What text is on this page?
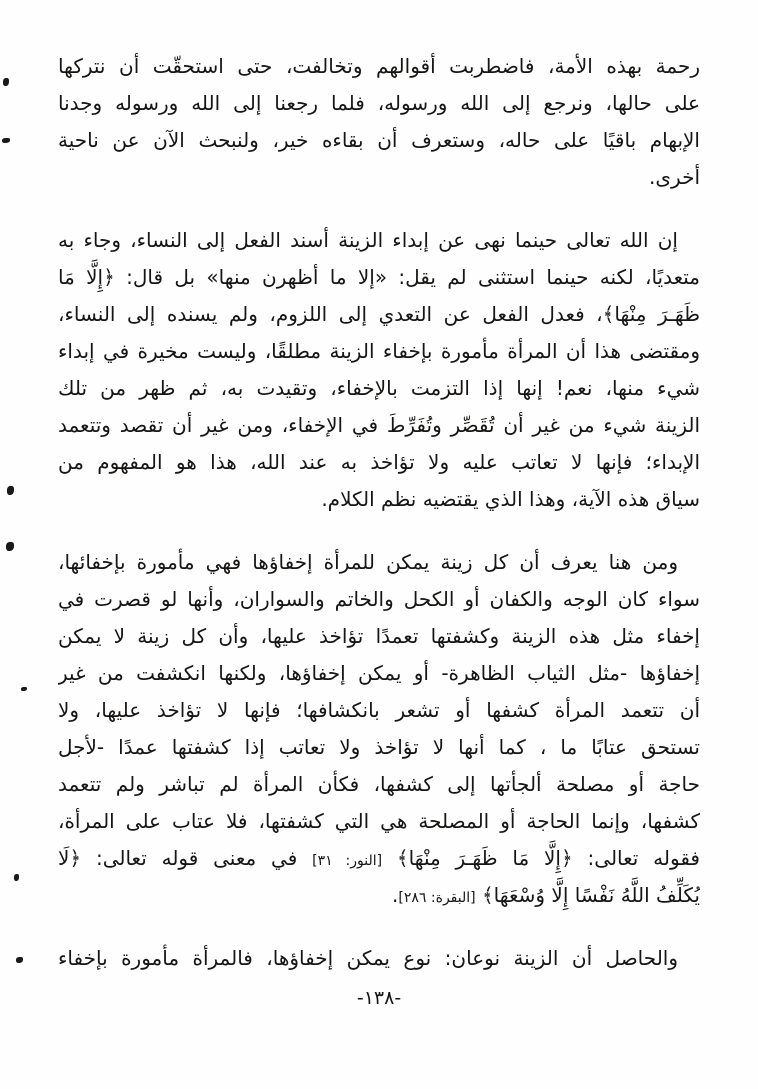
رحمة بهذه الأمة، فاضطربت أقوالهم وتخالفت، حتى استحقّت أن نتركها
على حالها، ونرجع إلى الله ورسوله، فلما رجعنا إلى الله ورسوله وجدنا
الإبهام باقيًا على حاله، وستعرف أن بقاءه خير، ولنبحث الآن عن ناحية
أخرى.
إن الله تعالى حينما نهى عن إبداء الزينة أسند الفعل إلى النساء، وجاء به
متعديًا، لكنه حينما استثنى لم يقل: «إلا ما أظهرن منها» بل قال: ﴿إِلَّا مَا
ظَهَـرَ مِنْهَا﴾، فعدل الفعل عن التعدي إلى اللزوم، ولم يسنده إلى النساء،
ومقتضى هذا أن المرأة مأمورة بإخفاء الزينة مطلقًا، وليست مخيرة في إبداء
شيء منها، نعم! إنها إذا التزمت بالإخفاء، وتقيدت به، ثم ظهر من تلك
الزينة شيء من غير أن تُقَصِّر وتُفَرِّطَ في الإخفاء، ومن غير أن تقصد وتتعمد
الإبداء؛ فإنها لا تعاتب عليه ولا تؤاخذ به عند الله، هذا هو المفهوم من
سياق هذه الآية، وهذا الذي يقتضيه نظم الكلام.
ومن هنا يعرف أن كل زينة يمكن للمرأة إخفاؤها فهي مأمورة بإخفائها،
سواء كان الوجه والكفان أو الكحل والخاتم والسواران، وأنها لو قصرت في
إخفاء مثل هذه الزينة وكشفتها تعمدًا تؤاخذ عليها، وأن كل زينة لا يمكن
إخفاؤها -مثل الثياب الظاهرة- أو يمكن إخفاؤها، ولكنها انكشفت من غير
أن تتعمد المرأة كشفها أو تشعر بانكشافها؛ فإنها لا تؤاخذ عليها، ولا
تستحق عتابًا ما ، كما أنها لا تؤاخذ ولا تعاتب إذا كشفتها عمدًا -لأجل
حاجة أو مصلحة ألجأتها إلى كشفها، فكأن المرأة لم تباشر ولم تتعمد
كشفها، وإنما الحاجة أو المصلحة هي التي كشفتها، فلا عتاب على المرأة،
فقوله تعالى: ﴿إِلَّا مَا ظَهَـرَ مِنْهَا﴾ [النور: ٣١] في معنى قوله تعالى: ﴿لَا
يُكَلِّفُ اللَّهُ نَفْسًا إِلَّا وُسْعَهَا﴾ [البقرة: ٢٨٦].
والحاصل أن الزينة نوعان: نوع يمكن إخفاؤها، فالمرأة مأمورة بإخفاء
-١٣٨-
